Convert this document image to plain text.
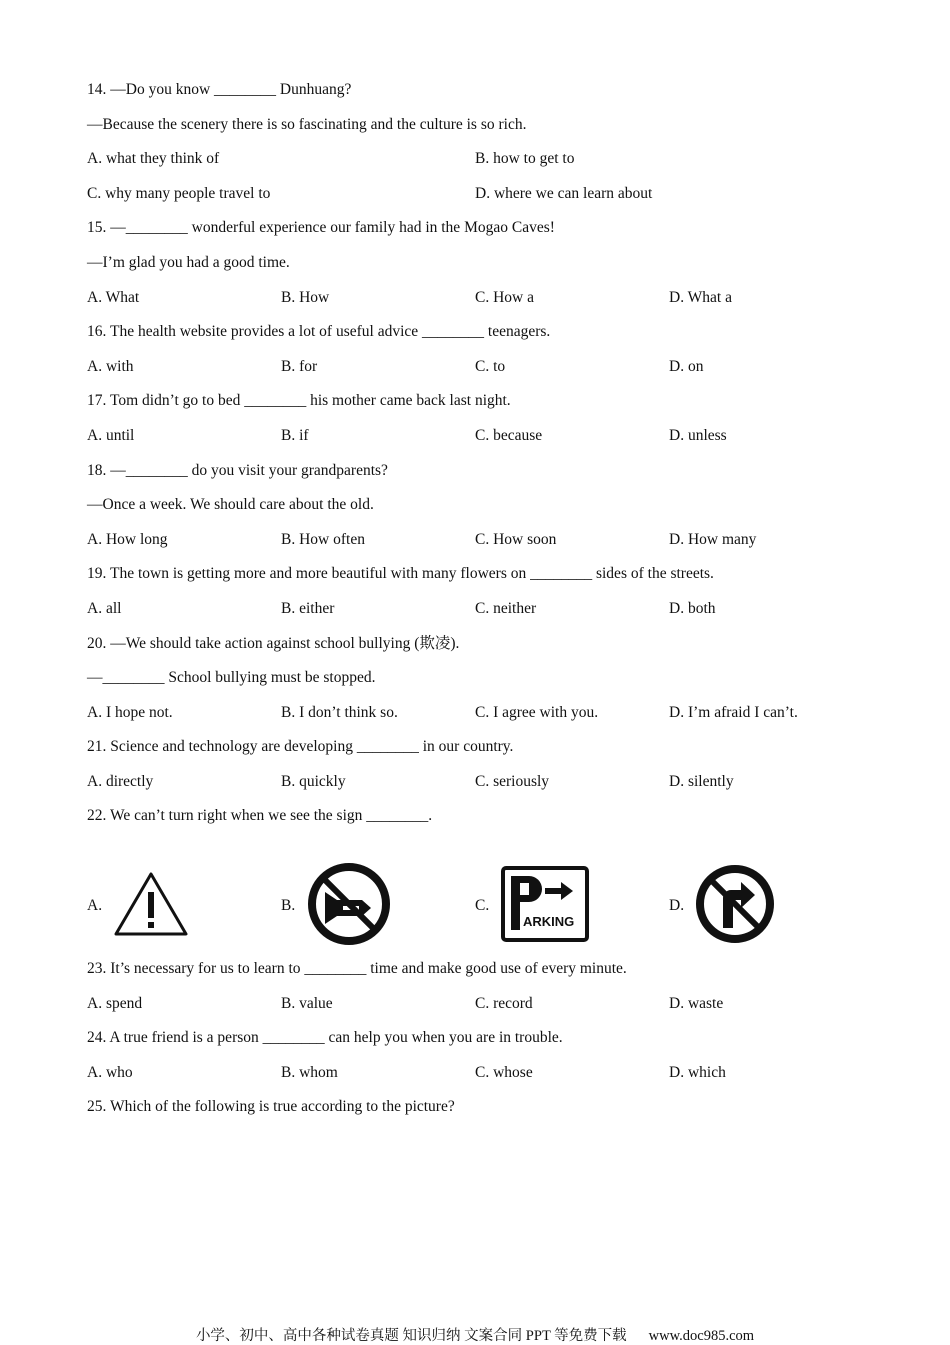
14. —Do you know ________ Dunhuang?
—Because the scenery there is so fascinating and the culture is so rich.
A. what they think of	B. how to get to
C. why many people travel to	D. where we can learn about
15. —________ wonderful experience our family had in the Mogao Caves!
—I’m glad you had a good time.
A. What	B. How	C. How a	D. What a
16. The health website provides a lot of useful advice ________ teenagers.
A. with	B. for	C. to	D. on
17. Tom didn’t go to bed ________ his mother came back last night.
A. until	B. if	C. because	D. unless
18. —________ do you visit your grandparents?
—Once a week. We should care about the old.
A. How long	B. How often	C. How soon	D. How many
19. The town is getting more and more beautiful with many flowers on ________ sides of the streets.
A. all	B. either	C. neither	D. both
20. —We should take action against school bullying (欺凌).
—________ School bullying must be stopped.
A. I hope not.	B. I don’t think so.	C. I agree with you.	D. I’m afraid I can’t.
21. Science and technology are developing ________ in our country.
A. directly	B. quickly	C. seriously	D. silently
22. We can’t turn right when we see the sign ________.
A.	B.	C.
ARKING
D.
23. It’s necessary for us to learn to ________ time and make good use of every minute.
A. spend	B. value	C. record	D. waste
24. A true friend is a person ________ can help you when you are in trouble.
A. who	B. whom	C. whose	D. which
25. Which of the following is true according to the picture?
小学、初中、高中各种试卷真题 知识归纳 文案合同 PPT 等免费下载 www.doc985.com
